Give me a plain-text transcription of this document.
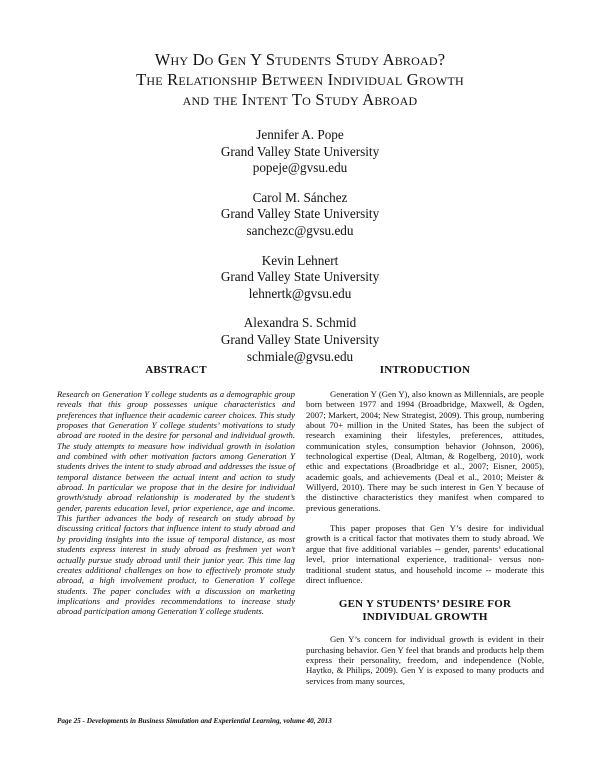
Why Do Gen Y Students Study Abroad?
The Relationship Between Individual Growth
and the Intent To Study Abroad
Jennifer A. Pope
Grand Valley State University
popeje@gvsu.edu
Carol M. Sánchez
Grand Valley State University
sanchezc@gvsu.edu
Kevin Lehnert
Grand Valley State University
lehnertk@gvsu.edu
Alexandra S. Schmid
Grand Valley State University
schmiale@gvsu.edu
ABSTRACT

Research on Generation Y college students as a demographic group reveals that this group possesses unique characteristics and preferences that influence their academic career choices. This study proposes that Generation Y college students’ motivations to study abroad are rooted in the desire for personal and individual growth. The study attempts to measure how individual growth in isolation and combined with other motivation factors among Generation Y students drives the intent to study abroad and addresses the issue of temporal distance between the actual intent and action to study abroad. In particular we propose that in the desire for individual growth/study abroad relationship is moderated by the student’s gender, parents education level, prior experience, age and income. This further advances the body of research on study abroad by discussing critical factors that influence intent to study abroad and by providing insights into the issue of temporal distance, as most students express interest in study abroad as freshmen yet won’t actually pursue study abroad until their junior year. This time lag creates additional challenges on how to effectively promote study abroad, a high involvement product, to Generation Y college students. The paper concludes with a discussion on marketing implications and provides recommendations to increase study abroad participation among Generation Y college students.

INTRODUCTION

Generation Y (Gen Y), also known as Millennials, are people born between 1977 and 1994 (Broadbridge, Maxwell, & Ogden, 2007; Markert, 2004; New Strategist, 2009). This group, numbering about 70+ million in the United States, has been the subject of research examining their lifestyles, preferences, attitudes, communication styles, consumption behavior (Johnson, 2006), technological expertise (Deal, Altman, & Rogelberg, 2010), work ethic and expectations (Broadbridge et al., 2007; Eisner, 2005), academic goals, and achievements (Deal et al., 2010; Meister & Willyerd, 2010). There may be such interest in Gen Y because of the distinctive characteristics they manifest when compared to previous generations.

This paper proposes that Gen Y’s desire for individual growth is a critical factor that motivates them to study abroad. We argue that five additional variables -- gender, parents’ educational level, prior international experience, traditional- versus non-traditional student status, and household income -- moderate this direct influence.

GEN Y STUDENTS’ DESIRE FOR
INDIVIDUAL GROWTH

Gen Y’s concern for individual growth is evident in their purchasing behavior. Gen Y feel that brands and products help them express their personality, freedom, and independence (Noble, Haytko, & Philips, 2009). Gen Y is exposed to many products and services from many sources,

Page 25 - Developments in Business Simulation and Experiential Learning, volume 40, 2013
